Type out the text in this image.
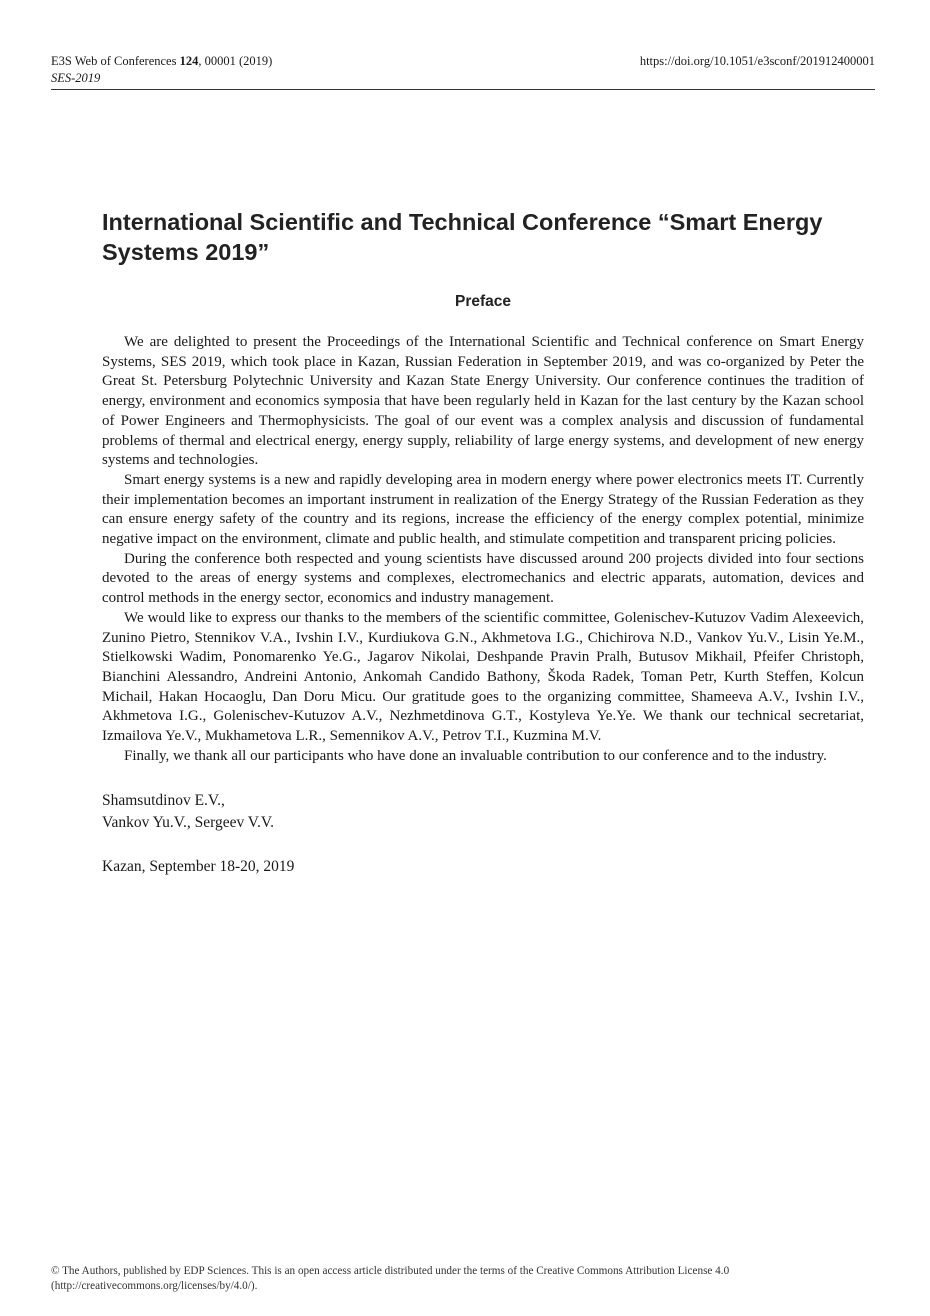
E3S Web of Conferences 124, 00001 (2019)
SES-2019
https://doi.org/10.1051/e3sconf/201912400001
International Scientific and Technical Conference “Smart Energy Systems 2019”
Preface

We are delighted to present the Proceedings of the International Scientific and Technical conference on Smart Energy Systems, SES 2019, which took place in Kazan, Russian Federation in September 2019, and was co-organized by Peter the Great St. Petersburg Polytechnic University and Kazan State Energy University. Our conference continues the tradition of energy, environment and economics symposia that have been regularly held in Kazan for the last century by the Kazan school of Power Engineers and Thermophysicists. The goal of our event was a complex analysis and discussion of fundamental problems of thermal and electrical energy, energy supply, reliability of large energy systems, and development of new energy systems and technologies.

Smart energy systems is a new and rapidly developing area in modern energy where power electronics meets IT. Currently their implementation becomes an important instrument in realization of the Energy Strategy of the Russian Federation as they can ensure energy safety of the country and its regions, increase the efficiency of the energy complex potential, minimize negative impact on the environment, climate and public health, and stimulate competition and transparent pricing policies.

During the conference both respected and young scientists have discussed around 200 projects divided into four sections devoted to the areas of energy systems and complexes, electromechanics and electric apparats, automation, devices and control methods in the energy sector, economics and industry management.

We would like to express our thanks to the members of the scientific committee, Golenischev-Kutuzov Vadim Alexeevich, Zunino Pietro, Stennikov V.A., Ivshin I.V., Kurdiukova G.N., Akhmetova I.G., Chichirova N.D., Vankov Yu.V., Lisin Ye.M., Stielkowski Wadim, Ponomarenko Ye.G., Jagarov Nikolai, Deshpande Pravin Pralh, Butusov Mikhail, Pfeifer Christoph, Bianchini Alessandro, Andreini Antonio, Ankomah Candido Bathony, Škoda Radek, Toman Petr, Kurth Steffen, Kolcun Michail, Hakan Hocaoglu, Dan Doru Micu. Our gratitude goes to the organizing committee, Shameeva A.V., Ivshin I.V., Akhmetova I.G., Golenischev-Kutuzov A.V., Nezhmetdinova G.T., Kostyleva Ye.Ye. We thank our technical secretariat, Izmailova Ye.V., Mukhametova L.R., Semennikov A.V., Petrov T.I., Kuzmina M.V.

Finally, we thank all our participants who have done an invaluable contribution to our conference and to the industry.

Shamsutdinov E.V.,
Vankov Yu.V., Sergeev V.V.
Kazan, September 18-20, 2019
© The Authors, published by EDP Sciences. This is an open access article distributed under the terms of the Creative Commons Attribution License 4.0
(http://creativecommons.org/licenses/by/4.0/).
